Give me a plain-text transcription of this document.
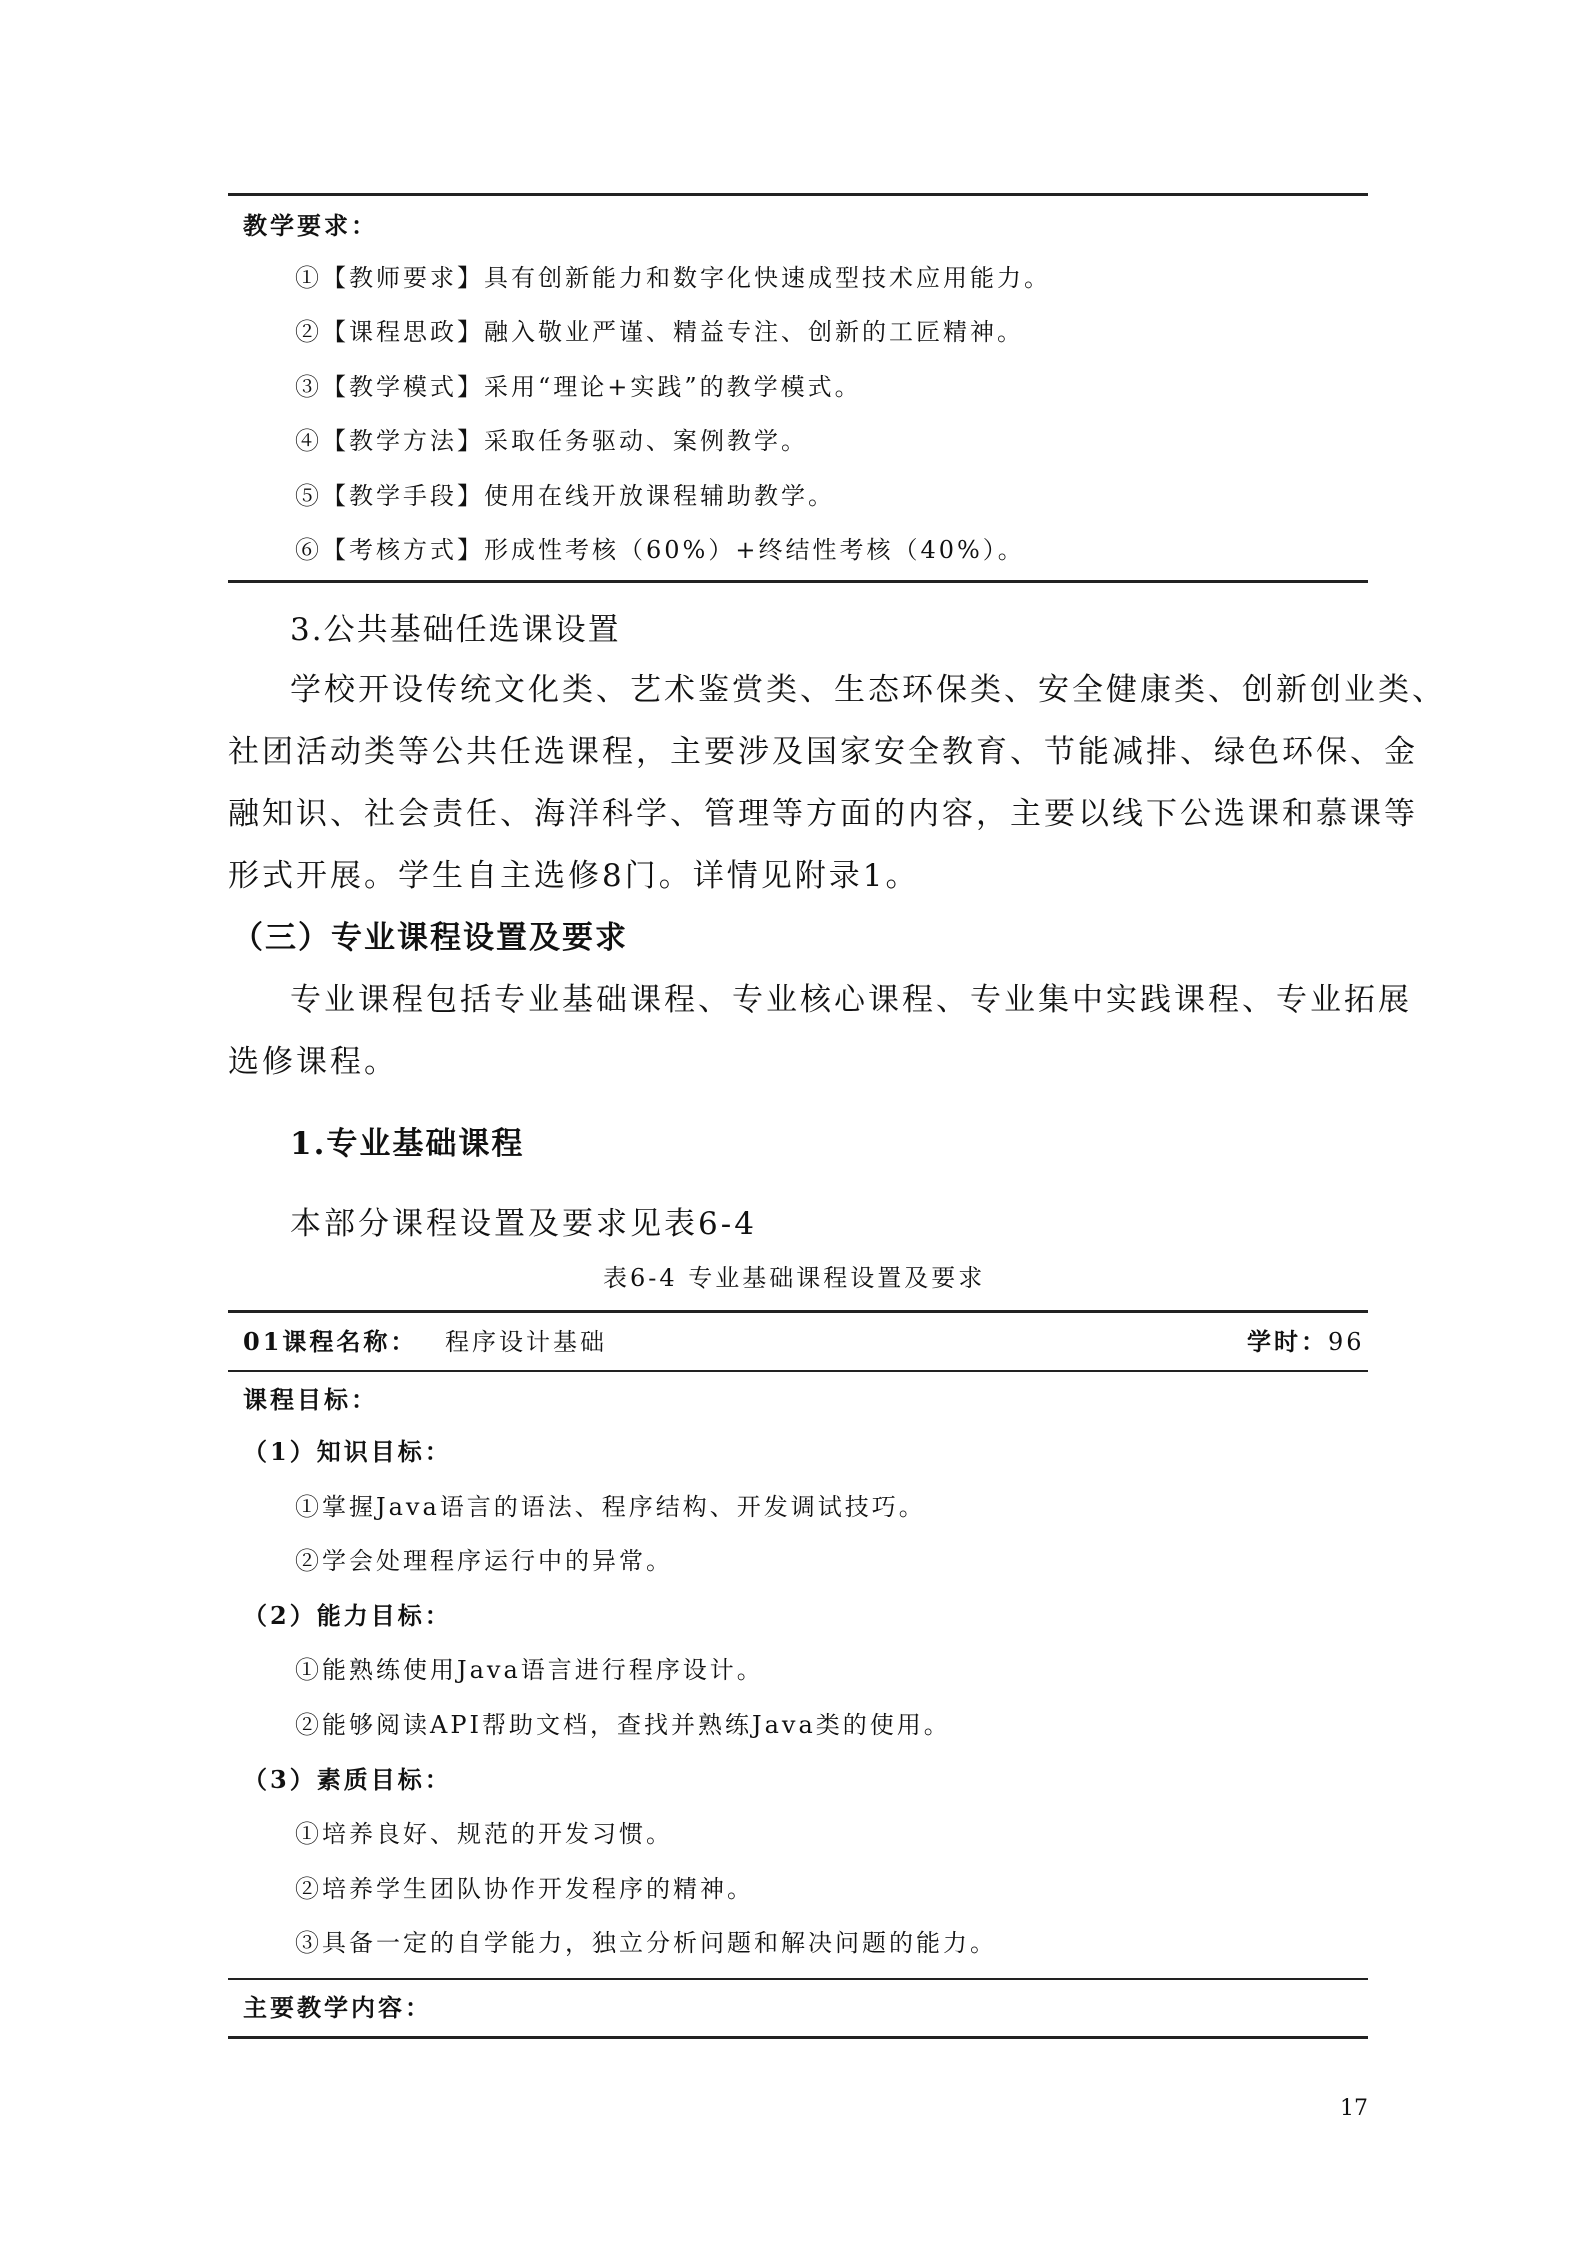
教学要求：
①【教师要求】具有创新能力和数字化快速成型技术应用能力。
②【课程思政】融入敬业严谨、精益专注、创新的工匠精神。
③【教学模式】采用“理论+实践”的教学模式。
④【教学方法】采取任务驱动、案例教学。
⑤【教学手段】使用在线开放课程辅助教学。
⑥【考核方式】形成性考核（60%）+终结性考核（40%）。
3.公共基础任选课设置
学校开设传统文化类、艺术鉴赏类、生态环保类、安全健康类、创新创业类、
社团活动类等公共任选课程，主要涉及国家安全教育、节能减排、绿色环保、金
融知识、社会责任、海洋科学、管理等方面的内容，主要以线下公选课和慕课等
形式开展。学生自主选修8门。详情见附录1。
（三）专业课程设置及要求
专业课程包括专业基础课程、专业核心课程、专业集中实践课程、专业拓展
选修课程。
1.专业基础课程
本部分课程设置及要求见表6-4
表6-4 专业基础课程设置及要求
01课程名称： 程序设计基础	学时：96
课程目标：
（1）知识目标：
①掌握Java语言的语法、程序结构、开发调试技巧。
②学会处理程序运行中的异常。
（2）能力目标：
①能熟练使用Java语言进行程序设计。
②能够阅读API帮助文档，查找并熟练Java类的使用。
（3）素质目标：
①培养良好、规范的开发习惯。
②培养学生团队协作开发程序的精神。
③具备一定的自学能力，独立分析问题和解决问题的能力。
主要教学内容：
17
